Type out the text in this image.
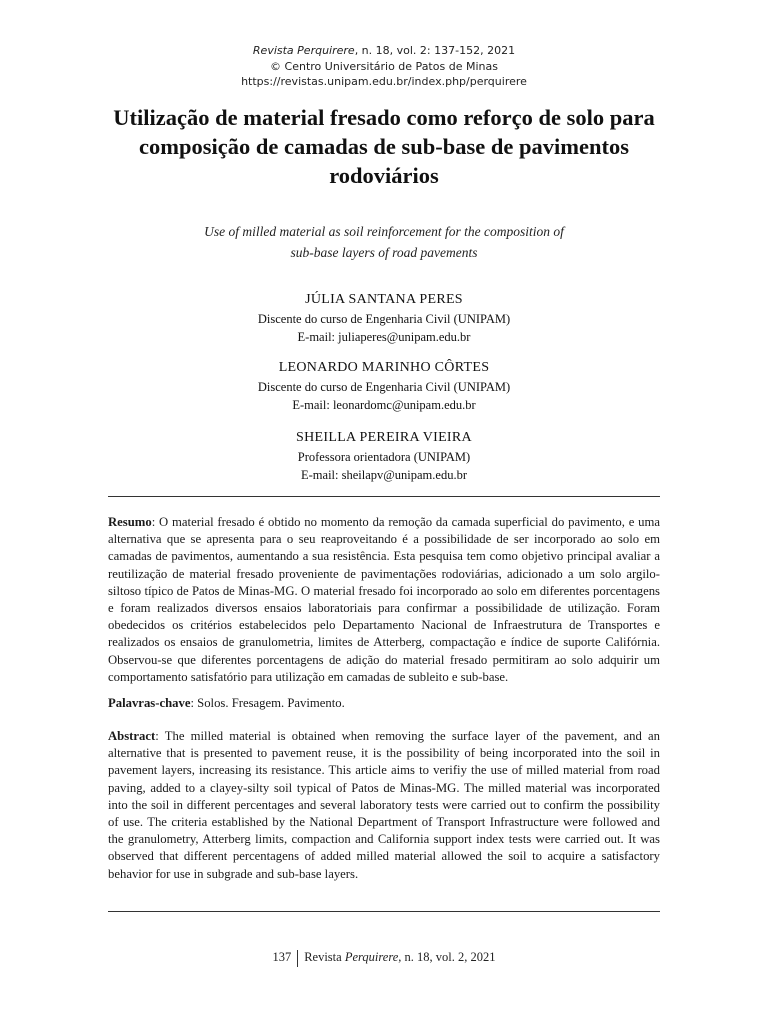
Revista Perquirere, n. 18, vol. 2: 137-152, 2021
© Centro Universitário de Patos de Minas
https://revistas.unipam.edu.br/index.php/perquirere
Utilização de material fresado como reforço de solo para composição de camadas de sub-base de pavimentos rodoviários
Use of milled material as soil reinforcement for the composition of
sub-base layers of road pavements
JÚLIA SANTANA PERES
Discente do curso de Engenharia Civil (UNIPAM)
E-mail: juliaperes@unipam.edu.br
LEONARDO MARINHO CÔRTES
Discente do curso de Engenharia Civil (UNIPAM)
E-mail: leonardomc@unipam.edu.br
SHEILLA PEREIRA VIEIRA
Professora orientadora (UNIPAM)
E-mail: sheilapv@unipam.edu.br
Resumo: O material fresado é obtido no momento da remoção da camada superficial do pavimento, e uma alternativa que se apresenta para o seu reaproveitando é a possibilidade de ser incorporado ao solo em camadas de pavimentos, aumentando a sua resistência. Esta pesquisa tem como objetivo principal avaliar a reutilização de material fresado proveniente de pavimentações rodoviárias, adicionado a um solo argilo-siltoso típico de Patos de Minas-MG. O material fresado foi incorporado ao solo em diferentes porcentagens e foram realizados diversos ensaios laboratoriais para confirmar a possibilidade de utilização. Foram obedecidos os critérios estabelecidos pelo Departamento Nacional de Infraestrutura de Transportes e realizados os ensaios de granulometria, limites de Atterberg, compactação e índice de suporte Califórnia. Observou-se que diferentes porcentagens de adição do material fresado permitiram ao solo adquirir um comportamento satisfatório para utilização em camadas de subleito e sub-base.
Palavras-chave: Solos. Fresagem. Pavimento.
Abstract: The milled material is obtained when removing the surface layer of the pavement, and an alternative that is presented to pavement reuse, it is the possibility of being incorporated into the soil in pavement layers, increasing its resistance. This article aims to verifiy the use of milled material from road paving, added to a clayey-silty soil typical of Patos de Minas-MG. The milled material was incorporated into the soil in different percentages and several laboratory tests were carried out to confirm the possibility of use. The criteria established by the National Department of Transport Infrastructure were followed and the granulometry, Atterberg limits, compaction and California support index tests were carried out. It was observed that different percentagens of added milled material allowed the soil to acquire a satisfactory behavior for use in subgrade and sub-base layers.
137 Revista Perquirere, n. 18, vol. 2, 2021
